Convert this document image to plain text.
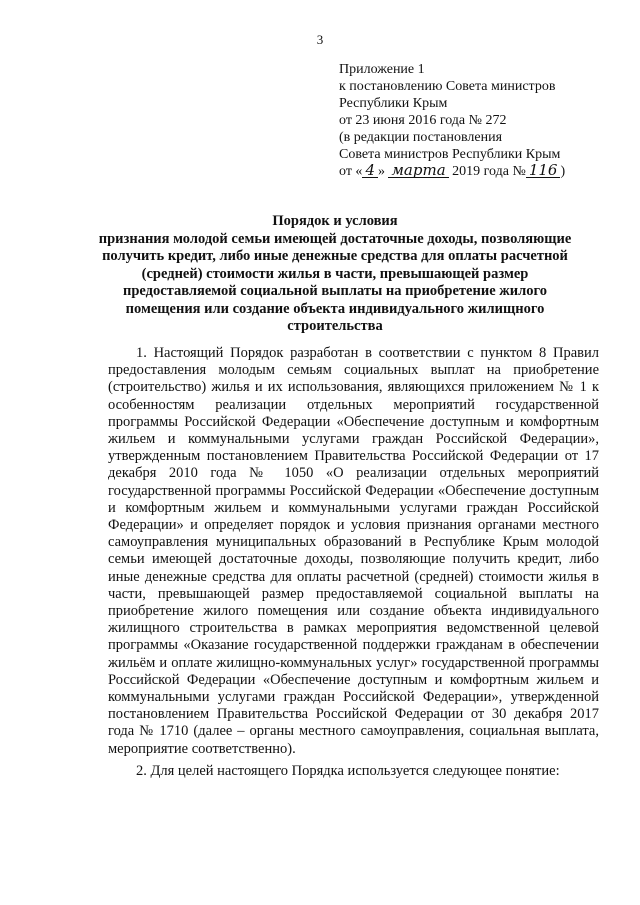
3
Приложение 1
к постановлению Совета министров
Республики Крым
от 23 июня 2016 года № 272
(в редакции постановления
Совета министров Республики Крым
от « 4 » марта 2019 года № 116 )
Порядок и условия
признания молодой семьи имеющей достаточные доходы, позволяющие получить кредит, либо иные денежные средства для оплаты расчетной (средней) стоимости жилья в части, превышающей размер предоставляемой социальной выплаты на приобретение жилого помещения или создание объекта индивидуального жилищного строительства

1. Настоящий Порядок разработан в соответствии с пунктом 8 Правил предоставления молодым семьям социальных выплат на приобретение (строительство) жилья и их использования, являющихся приложением № 1 к особенностям реализации отдельных мероприятий государственной программы Российской Федерации «Обеспечение доступным и комфортным жильем и коммунальными услугами граждан Российской Федерации», утвержденным постановлением Правительства Российской Федерации от 17 декабря 2010 года № 1050 «О реализации отдельных мероприятий государственной программы Российской Федерации «Обеспечение доступным и комфортным жильем и коммунальными услугами граждан Российской Федерации» и определяет порядок и условия признания органами местного самоуправления муниципальных образований в Республике Крым молодой семьи имеющей достаточные доходы, позволяющие получить кредит, либо иные денежные средства для оплаты расчетной (средней) стоимости жилья в части, превышающей размер предоставляемой социальной выплаты на приобретение жилого помещения или создание объекта индивидуального жилищного строительства в рамках мероприятия ведомственной целевой программы «Оказание государственной поддержки гражданам в обеспечении жильём и оплате жилищно-коммунальных услуг» государственной программы Российской Федерации «Обеспечение доступным и комфортным жильем и коммунальными услугами граждан Российской Федерации», утвержденной постановлением Правительства Российской Федерации от 30 декабря 2017 года № 1710 (далее – органы местного самоуправления, социальная выплата, мероприятие соответственно).

2. Для целей настоящего Порядка используется следующее понятие:
